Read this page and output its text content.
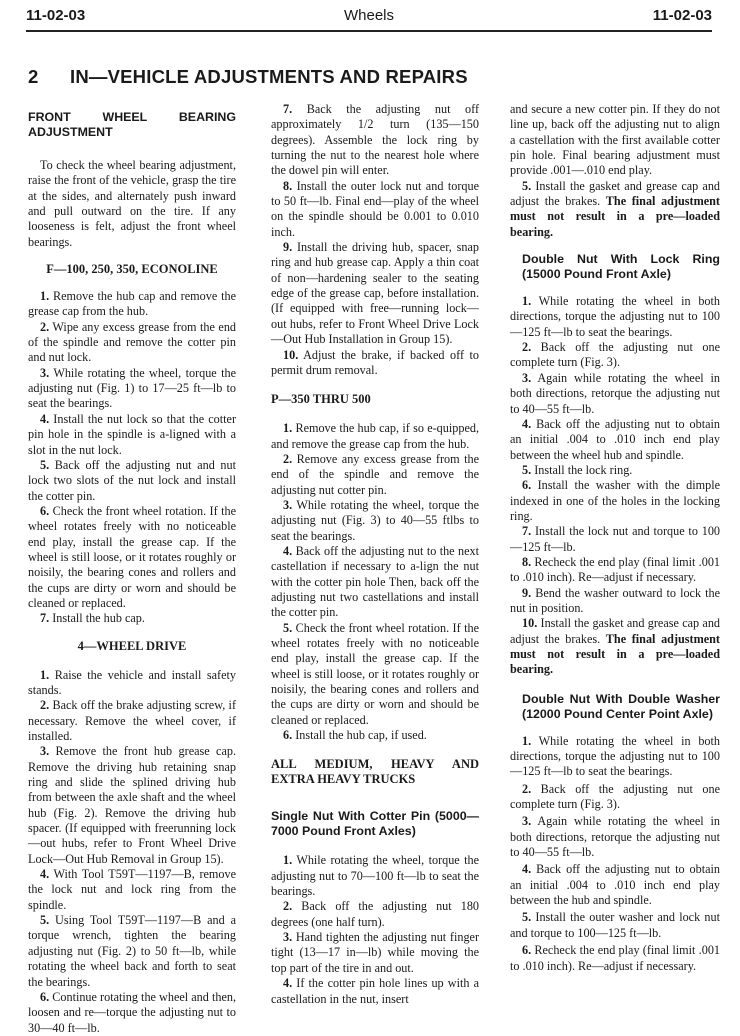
11-02-03	Wheels	11-02-03
2 IN—VEHICLE ADJUSTMENTS AND REPAIRS
FRONT WHEEL BEARING ADJUSTMENT

To check the wheel bearing adjustment, raise the front of the vehicle, grasp the tire at the sides, and alternately push inward and pull outward on the tire. If any looseness is felt, adjust the front wheel bearings.

F—100, 250, 350, ECONOLINE

1. Remove the hub cap and remove the grease cap from the hub.

2. Wipe any excess grease from the end of the spindle and remove the cotter pin and nut lock.

3. While rotating the wheel, torque the adjusting nut (Fig. 1) to 17—25 ft—lb to seat the bearings.

4. Install the nut lock so that the cotter pin hole in the spindle is a-ligned with a slot in the nut lock.

5. Back off the adjusting nut and nut lock two slots of the nut lock and install the cotter pin.

6. Check the front wheel rotation. If the wheel rotates freely with no noticeable end play, install the grease cap. If the wheel is still loose, or it rotates roughly or noisily, the bearing cones and rollers and the cups are dirty or worn and should be cleaned or replaced.

7. Install the hub cap.

4—WHEEL DRIVE

1. Raise the vehicle and install safety stands.

2. Back off the brake adjusting screw, if necessary. Remove the wheel cover, if installed.

3. Remove the front hub grease cap. Remove the driving hub retaining snap ring and slide the splined driving hub from between the axle shaft and the wheel hub (Fig. 2). Remove the driving hub spacer. (If equipped with freerunning lock—out hubs, refer to Front Wheel Drive Lock—Out Hub Removal in Group 15).

4. With Tool T59T—1197—B, remove the lock nut and lock ring from the spindle.

5. Using Tool T59T—1197—B and a torque wrench, tighten the bearing adjusting nut (Fig. 2) to 50 ft—lb, while rotating the wheel back and forth to seat the bearings.

6. Continue rotating the wheel and then, loosen and re—torque the adjusting nut to 30—40 ft—lb.

7. Back the adjusting nut off approximately 1/2 turn (135—150 degrees). Assemble the lock ring by turning the nut to the nearest hole where the dowel pin will enter.

8. Install the outer lock nut and torque to 50 ft—lb. Final end—play of the wheel on the spindle should be 0.001 to 0.010 inch.

9. Install the driving hub, spacer, snap ring and hub grease cap. Apply a thin coat of non—hardening sealer to the seating edge of the grease cap, before installation. (If equipped with free—running lock—out hubs, refer to Front Wheel Drive Lock—Out Hub Installation in Group 15).

10. Adjust the brake, if backed off to permit drum removal.

P—350 THRU 500

1. Remove the hub cap, if so e-quipped, and remove the grease cap from the hub.

2. Remove any excess grease from the end of the spindle and remove the adjusting nut cotter pin.

3. While rotating the wheel, torque the adjusting nut (Fig. 3) to 40—55 ftlbs to seat the bearings.

4. Back off the adjusting nut to the next castellation if necessary to a-lign the nut with the cotter pin hole Then, back off the adjusting nut two castellations and install the cotter pin.

5. Check the front wheel rotation. If the wheel rotates freely with no noticeable end play, install the grease cap. If the wheel is still loose, or it rotates roughly or noisily, the bearing cones and rollers and the cups are dirty or worn and should be cleaned or replaced.

6. Install the hub cap, if used.

ALL MEDIUM, HEAVY AND EXTRA HEAVY TRUCKS
Single Nut With Cotter Pin (5000—7000 Pound Front Axles)

1. While rotating the wheel, torque the adjusting nut to 70—100 ft—lb to seat the bearings.

2. Back off the adjusting nut 180 degrees (one half turn).

3. Hand tighten the adjusting nut finger tight (13—17 in—lb) while moving the top part of the tire in and out.

4. If the cotter pin hole lines up with a castellation in the nut, insert

and secure a new cotter pin. If they do not line up, back off the adjusting nut to align a castellation with the first available cotter pin hole. Final bearing adjustment must provide .001—.010 end play.

5. Install the gasket and grease cap and adjust the brakes. The final adjustment must not result in a pre—loaded bearing.

Double Nut With Lock Ring (15000 Pound Front Axle)

1. While rotating the wheel in both directions, torque the adjusting nut to 100—125 ft—lb to seat the bearings.

2. Back off the adjusting nut one complete turn (Fig. 3).

3. Again while rotating the wheel in both directions, retorque the adjusting nut to 40—55 ft—lb.

4. Back off the adjusting nut to obtain an initial .004 to .010 inch end play between the wheel hub and spindle.

5. Install the lock ring.

6. Install the washer with the dimple indexed in one of the holes in the locking ring.

7. Install the lock nut and torque to 100—125 ft—lb.

8. Recheck the end play (final limit .001 to .010 inch). Re—adjust if necessary.

9. Bend the washer outward to lock the nut in position.

10. Install the gasket and grease cap and adjust the brakes. The final adjustment must not result in a pre—loaded bearing.

Double Nut With Double Washer (12000 Pound Center Point Axle)

1. While rotating the wheel in both directions, torque the adjusting nut to 100—125 ft—lb to seat the bearings.

2. Back off the adjusting nut one complete turn (Fig. 3).

3. Again while rotating the wheel in both directions, retorque the adjusting nut to 40—55 ft—lb.

4. Back off the adjusting nut to obtain an initial .004 to .010 inch end play between the hub and spindle.

5. Install the outer washer and lock nut and torque to 100—125 ft—lb.

6. Recheck the end play (final limit .001 to .010 inch). Re—adjust if necessary.
